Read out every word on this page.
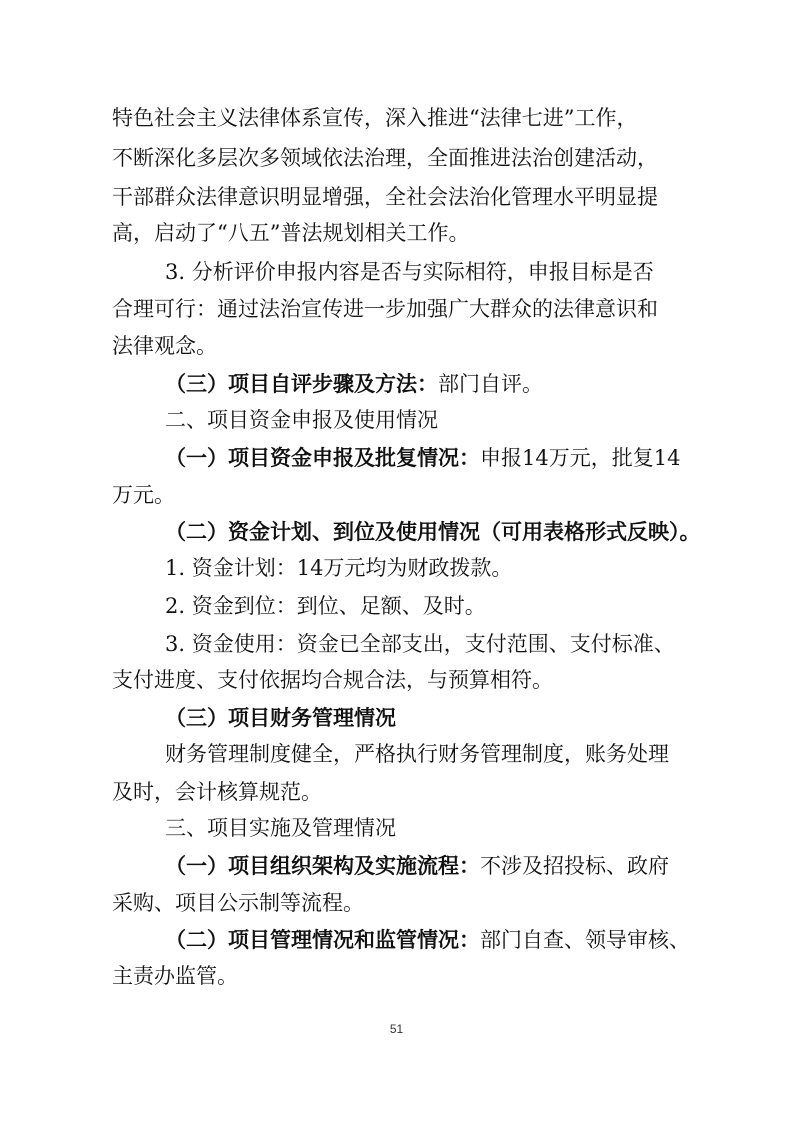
特色社会主义法律体系宣传，深入推进“法律七进”工作，
不断深化多层次多领域依法治理，全面推进法治创建活动，
干部群众法律意识明显增强，全社会法治化管理水平明显提
高，启动了“八五”普法规划相关工作。
3. 分析评价申报内容是否与实际相符，申报目标是否
合理可行：通过法治宣传进一步加强广大群众的法律意识和
法律观念。
（三）项目自评步骤及方法：部门自评。
二、项目资金申报及使用情况
（一）项目资金申报及批复情况：申报14万元，批复14
万元。
（二）资金计划、到位及使用情况（可用表格形式反映）。
1. 资金计划：14万元均为财政拨款。
2. 资金到位：到位、足额、及时。
3. 资金使用：资金已全部支出，支付范围、支付标准、
支付进度、支付依据均合规合法，与预算相符。
（三）项目财务管理情况
财务管理制度健全，严格执行财务管理制度，账务处理
及时，会计核算规范。
三、项目实施及管理情况
（一）项目组织架构及实施流程：不涉及招投标、政府
采购、项目公示制等流程。
（二）项目管理情况和监管情况：部门自查、领导审核、
主责办监管。
51
